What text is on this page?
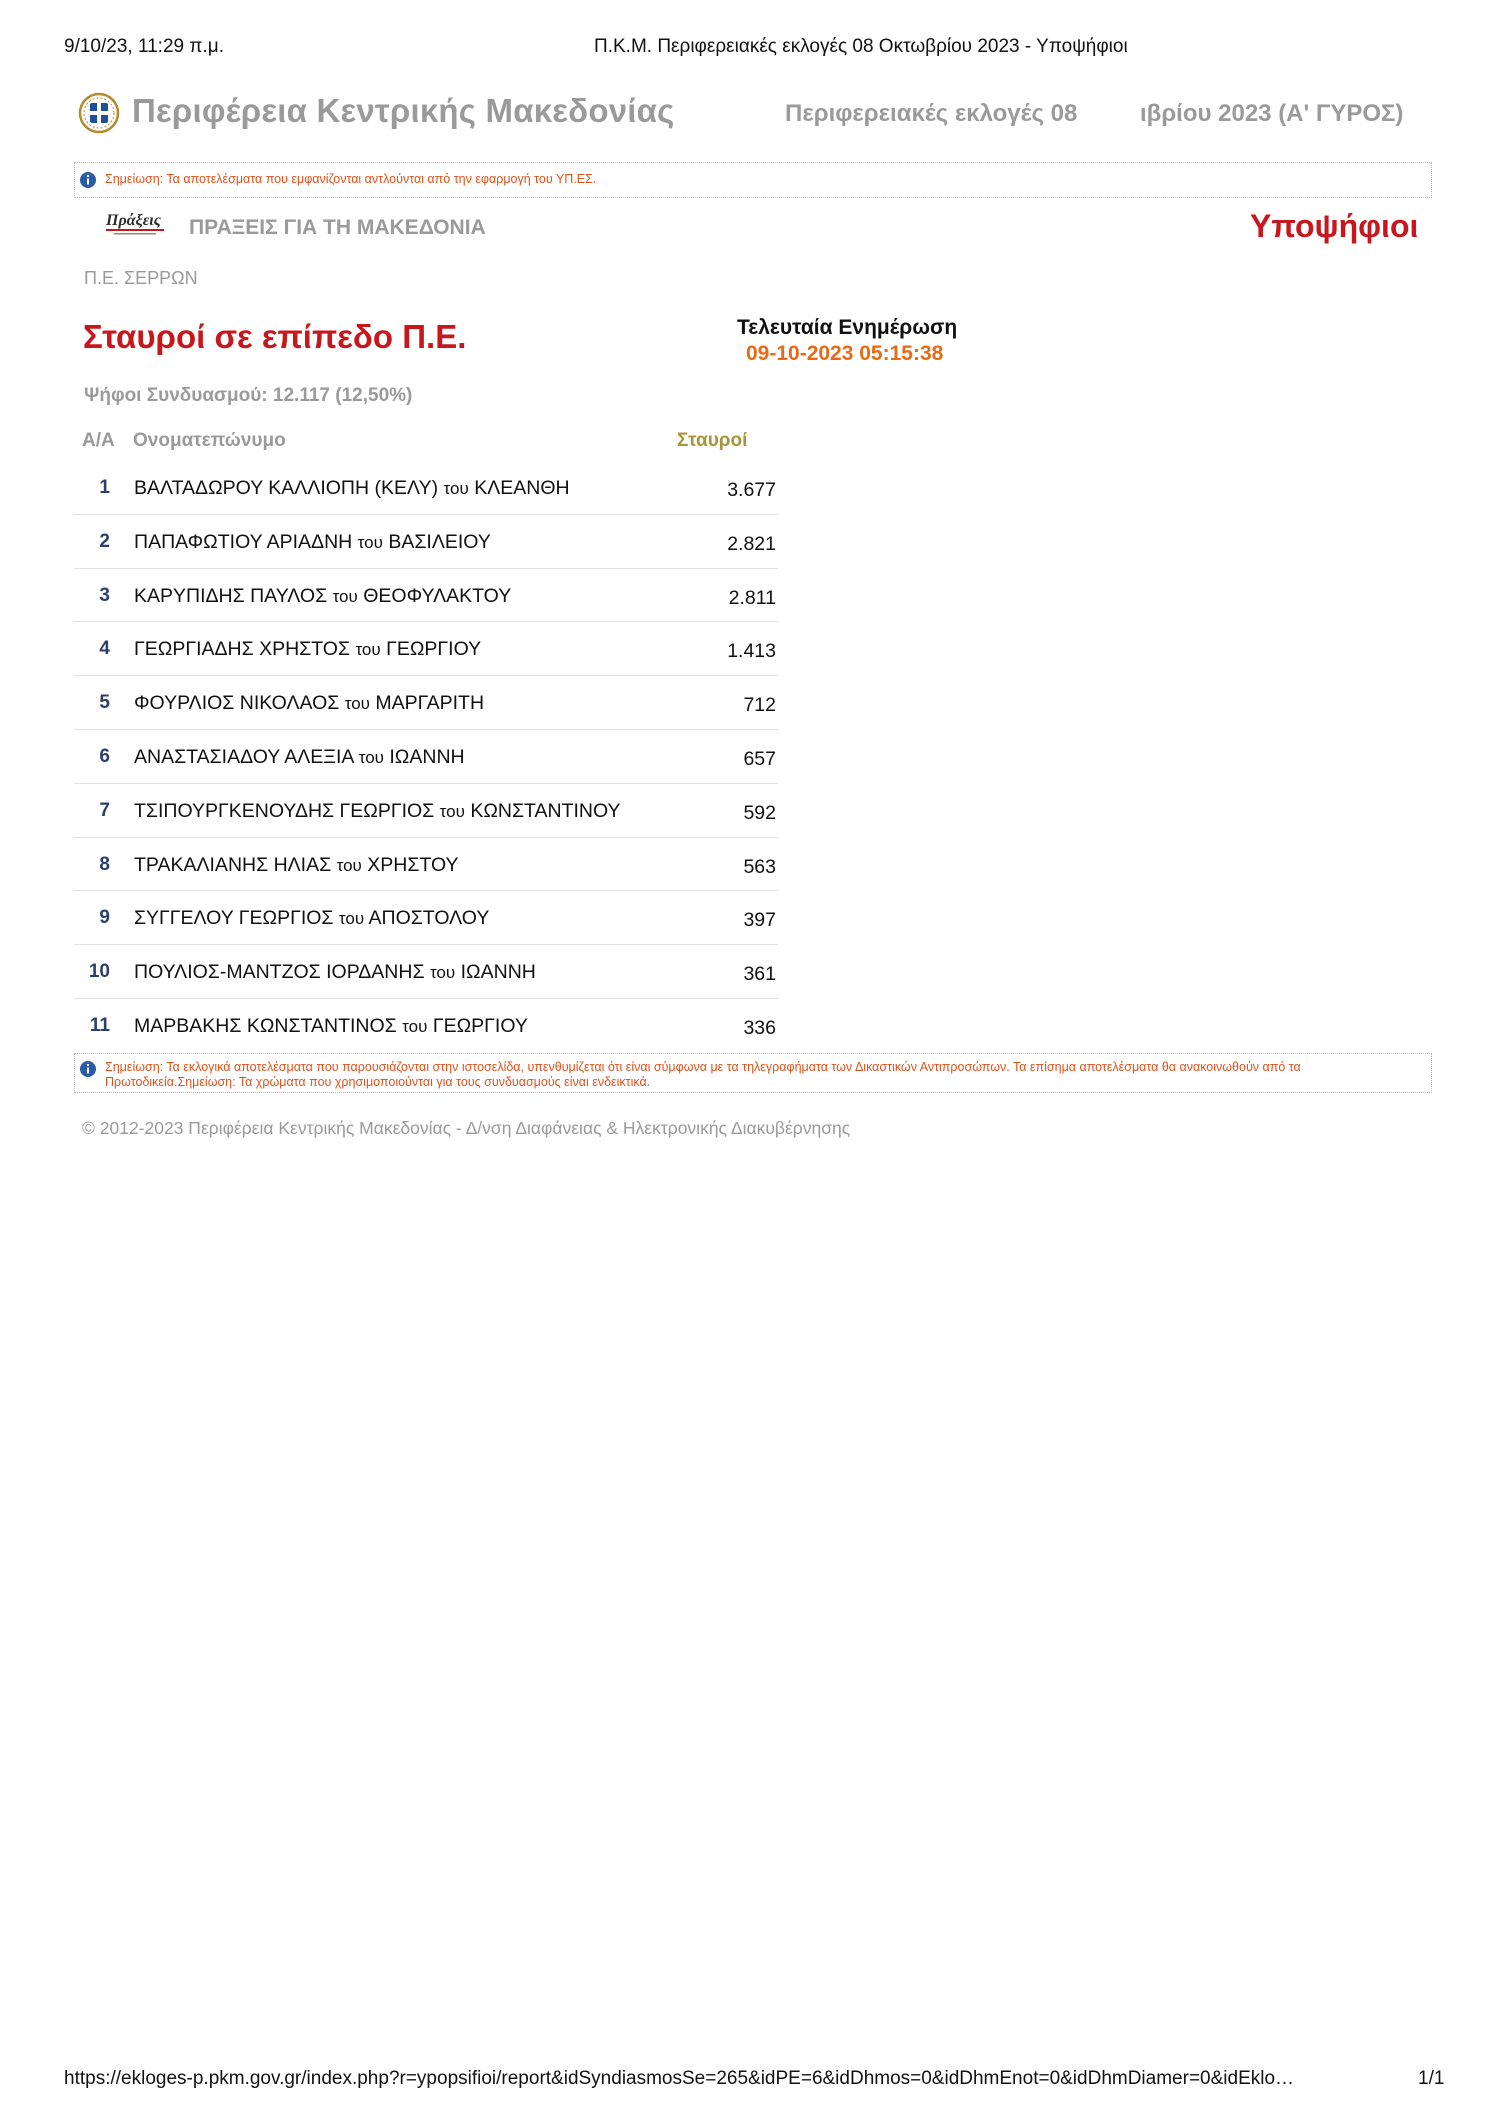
9/10/23, 11:29 π.μ.	Π.Κ.Μ. Περιφερειακές εκλογές 08 Οκτωβρίου 2023 - Υποψήφιοι
Περιφέρεια Κεντρικής Μακεδονίας	Περιφερειακές εκλογές 08	ιβρίου 2023 (Α' ΓΥΡΟΣ)
Σημείωση: Τα αποτελέσματα που εμφανίζονται αντλούνται από την εφαρμογή του ΥΠ.ΕΣ.
Πράξεις ΠΡΑΞΕΙΣ ΓΙΑ ΤΗ ΜΑΚΕΔΟΝΙΑ	Υποψήφιοι
Π.Ε. ΣΕΡΡΩΝ
Σταυροί σε επίπεδο Π.Ε.	Τελευταία Ενημέρωση
09-10-2023 05:15:38
Ψήφοι Συνδυασμού: 12.117 (12,50%)
Α/Α Ονοματεπώνυμο	Σταυροί
1 ΒΑΛΤΑΔΩΡΟΥ ΚΑΛΛΙΟΠΗ (ΚΕΛΥ) του ΚΛΕΑΝΘΗ	3.677
2 ΠΑΠΑΦΩΤΙΟΥ ΑΡΙΑΔΝΗ του ΒΑΣΙΛΕΙΟΥ	2.821
3 ΚΑΡΥΠΙΔΗΣ ΠΑΥΛΟΣ του ΘΕΟΦΥΛΑΚΤΟΥ	2.811
4 ΓΕΩΡΓΙΑΔΗΣ ΧΡΗΣΤΟΣ του ΓΕΩΡΓΙΟΥ	1.413
5 ΦΟΥΡΛΙΟΣ ΝΙΚΟΛΑΟΣ του ΜΑΡΓΑΡΙΤΗ	712
6 ΑΝΑΣΤΑΣΙΑΔΟΥ ΑΛΕΞΙΑ του ΙΩΑΝΝΗ	657
7 ΤΣΙΠΟΥΡΓΚΕΝΟΥΔΗΣ ΓΕΩΡΓΙΟΣ του ΚΩΝΣΤΑΝΤΙΝΟΥ	592
8 ΤΡΑΚΑΛΙΑΝΗΣ ΗΛΙΑΣ του ΧΡΗΣΤΟΥ	563
9 ΣΥΓΓΕΛΟΥ ΓΕΩΡΓΙΟΣ του ΑΠΟΣΤΟΛΟΥ	397
10 ΠΟΥΛΙΟΣ-ΜΑΝΤΖΟΣ ΙΟΡΔΑΝΗΣ του ΙΩΑΝΝΗ	361
11 ΜΑΡΒΑΚΗΣ ΚΩΝΣΤΑΝΤΙΝΟΣ του ΓΕΩΡΓΙΟΥ	336
Σημείωση: Τα εκλογικά αποτελέσματα που παρουσιάζονται στην ιστοσελίδα, υπενθυμίζεται ότι είναι σύμφωνα με τα τηλεγραφήματα των Δικαστικών Αντιπροσώπων. Τα επίσημα αποτελέσματα θα ανακοινωθούν από τα Πρωτοδικεία.Σημείωση: Τα χρώματα που χρησιμοποιούνται για τους συνδυασμούς είναι ενδεικτικά.
© 2012-2023 Περιφέρεια Κεντρικής Μακεδονίας - Δ/νση Διαφάνειας & Ηλεκτρονικής Διακυβέρνησης
https://ekloges-p.pkm.gov.gr/index.php?r=ypopsifioi/report&idSyndiasmosSe=265&idPE=6&idDhmos=0&idDhmEnot=0&idDhmDiamer=0&idEklo…	1/1
